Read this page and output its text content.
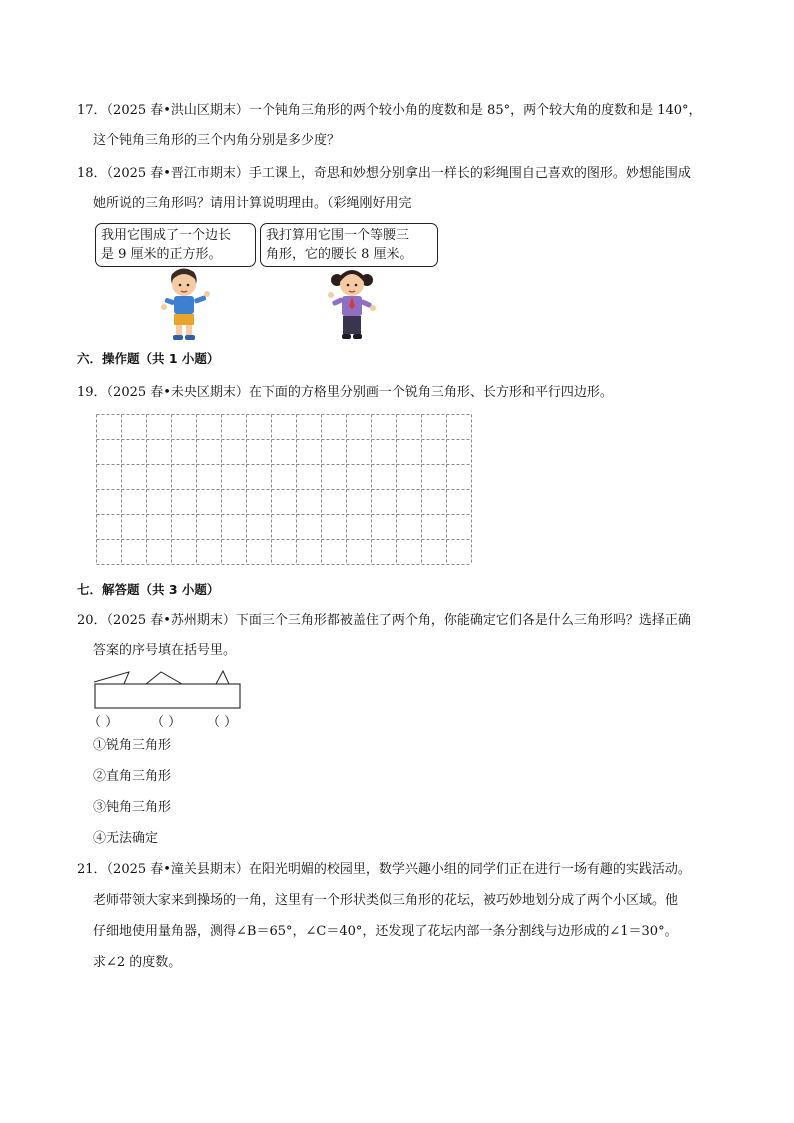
17．（2025 春•洪山区期末）一个钝角三角形的两个较小角的度数和是 85°，两个较大角的度数和是 140°，
这个钝角三角形的三个内角分别是多少度？
18．（2025 春•晋江市期末）手工课上，奇思和妙想分别拿出一样长的彩绳围自己喜欢的图形。妙想能围成
她所说的三角形吗？请用计算说明理由。（彩绳刚好用完
我用它围成了一个边长
是 9 厘米的正方形。
我打算用它围一个等腰三
角形，它的腰长 8 厘米。
六．操作题（共 1 小题）
19．（2025 春•未央区期末）在下面的方格里分别画一个锐角三角形、长方形和平行四边形。
七．解答题（共 3 小题）
20．（2025 春•苏州期末）下面三个三角形都被盖住了两个角，你能确定它们各是什么三角形吗？选择正确
答案的序号填在括号里。
（ ）	（ ） （ ）
①锐角三角形
②直角三角形
③钝角三角形
④无法确定
21．（2025 春•潼关县期末）在阳光明媚的校园里，数学兴趣小组的同学们正在进行一场有趣的实践活动。
老师带领大家来到操场的一角，这里有一个形状类似三角形的花坛，被巧妙地划分成了两个小区域。他
仔细地使用量角器，测得∠B＝65°，∠C＝40°，还发现了花坛内部一条分割线与边形成的∠1＝30°。
求∠2 的度数。
